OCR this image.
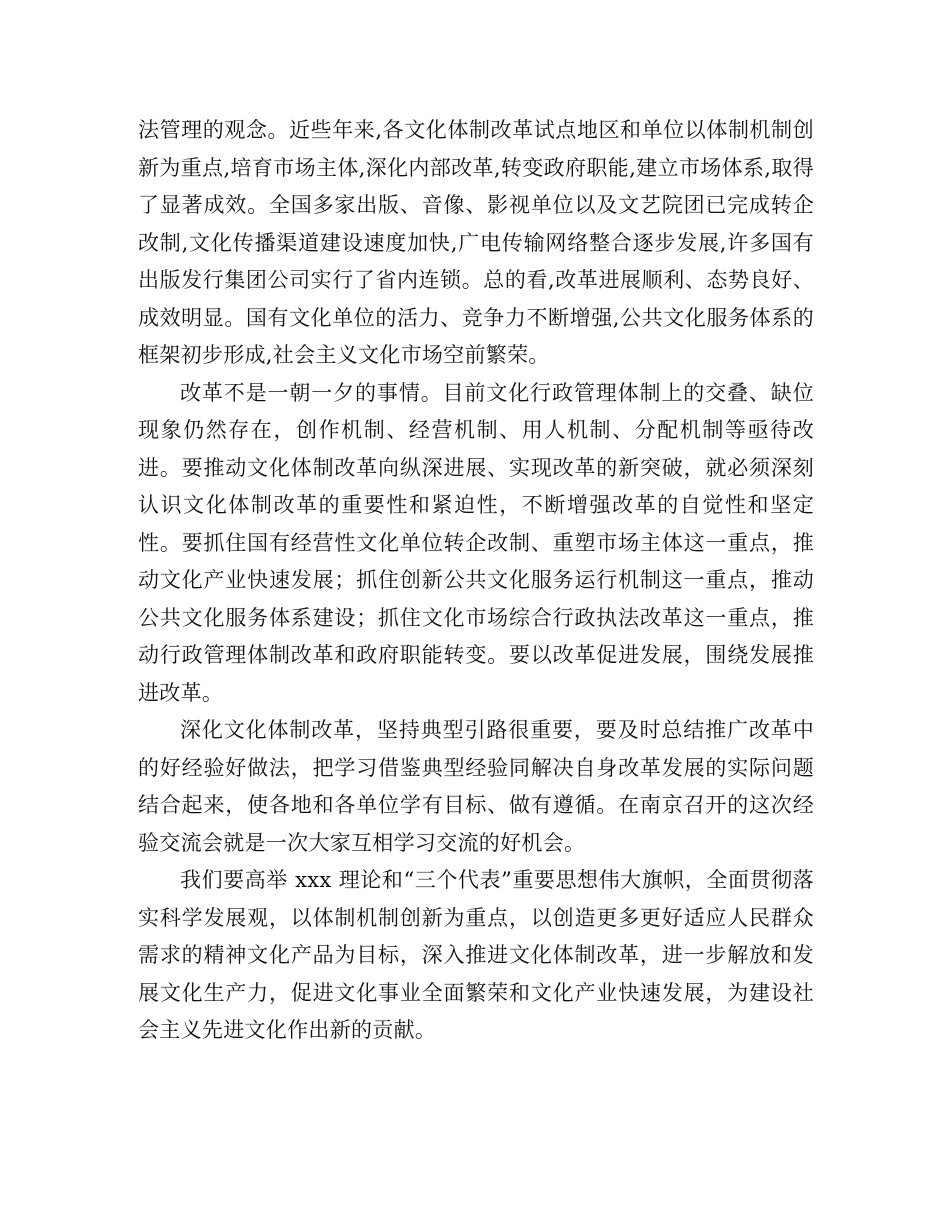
法管理的观念。近些年来,各文化体制改革试点地区和单位以体制机制创新为重点,培育市场主体,深化内部改革,转变政府职能,建立市场体系,取得了显著成效。全国多家出版、音像、影视单位以及文艺院团已完成转企改制,文化传播渠道建设速度加快,广电传输网络整合逐步发展,许多国有出版发行集团公司实行了省内连锁。总的看,改革进展顺利、态势良好、成效明显。国有文化单位的活力、竞争力不断增强,公共文化服务体系的框架初步形成,社会主义文化市场空前繁荣。

改革不是一朝一夕的事情。目前文化行政管理体制上的交叠、缺位现象仍然存在，创作机制、经营机制、用人机制、分配机制等亟待改进。要推动文化体制改革向纵深进展、实现改革的新突破，就必须深刻认识文化体制改革的重要性和紧迫性，不断增强改革的自觉性和坚定性。要抓住国有经营性文化单位转企改制、重塑市场主体这一重点，推动文化产业快速发展；抓住创新公共文化服务运行机制这一重点，推动公共文化服务体系建设；抓住文化市场综合行政执法改革这一重点，推动行政管理体制改革和政府职能转变。要以改革促进发展，围绕发展推进改革。

深化文化体制改革，坚持典型引路很重要，要及时总结推广改革中的好经验好做法，把学习借鉴典型经验同解决自身改革发展的实际问题结合起来，使各地和各单位学有目标、做有遵循。在南京召开的这次经验交流会就是一次大家互相学习交流的好机会。

我们要高举 xxx 理论和“三个代表”重要思想伟大旗帜，全面贯彻落实科学发展观，以体制机制创新为重点，以创造更多更好适应人民群众需求的精神文化产品为目标，深入推进文化体制改革，进一步解放和发展文化生产力，促进文化事业全面繁荣和文化产业快速发展，为建设社会主义先进文化作出新的贡献。
